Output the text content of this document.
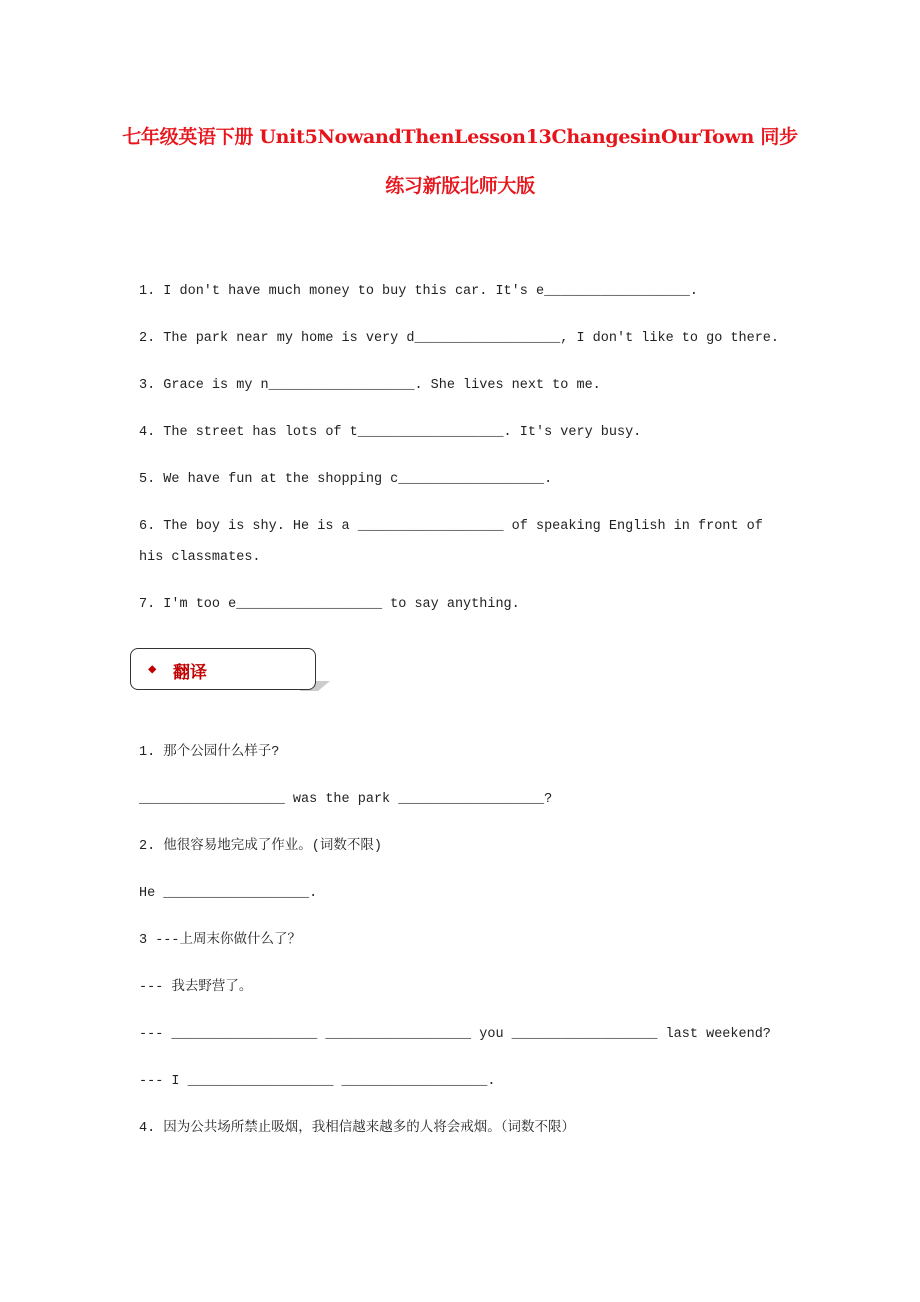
七年级英语下册 Unit5NowandThenLesson13ChangesinOurTown 同步
练习新版北师大版

1. I don't have much money to buy this car. It's e__________________.

2. The park near my home is very d__________________, I don't like to go there.

3. Grace is my n__________________. She lives next to me.

4. The street has lots of t__________________. It's very busy.

5. We have fun at the shopping c__________________.

6. The boy is shy. He is a __________________ of speaking English in front of his classmates.

7. I'm too e__________________ to say anything.

◆ 翻译

1. 那个公园什么样子?

__________________ was the park __________________?

2. 他很容易地完成了作业。(词数不限)

He __________________.

3 ---上周末你做什么了？

--- 我去野营了。

--- __________________ __________________ you __________________ last weekend?

--- I __________________ __________________.

4. 因为公共场所禁止吸烟，我相信越来越多的人将会戒烟。（词数不限）
